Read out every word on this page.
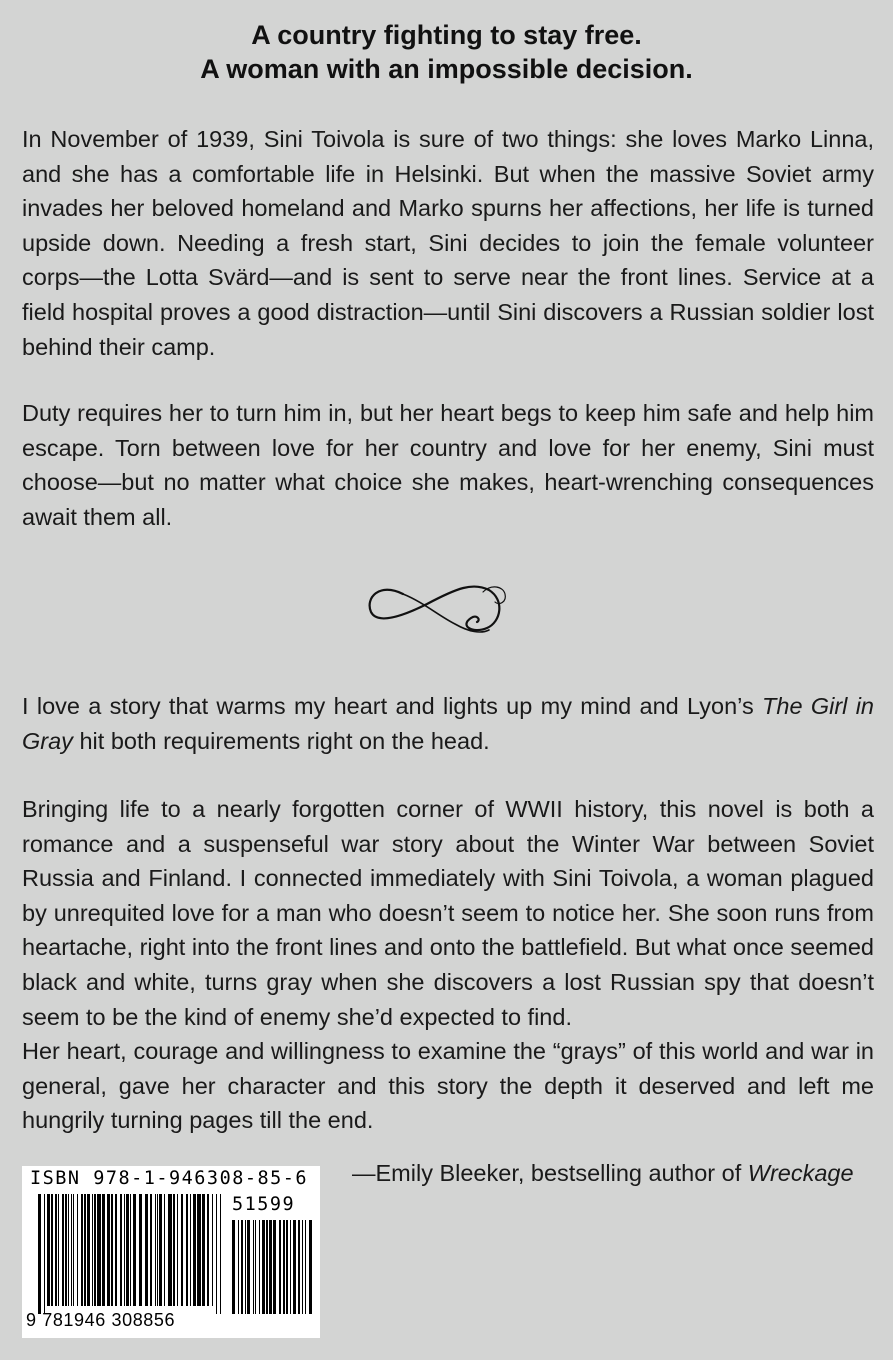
A country fighting to stay free.
A woman with an impossible decision.

In November of 1939, Sini Toivola is sure of two things: she loves Marko Linna, and she has a comfortable life in Helsinki. But when the massive Soviet army invades her beloved homeland and Marko spurns her affections, her life is turned upside down. Needing a fresh start, Sini decides to join the female volunteer corps—the Lotta Svärd—and is sent to serve near the front lines. Service at a field hospital proves a good distraction—until Sini discovers a Russian soldier lost behind their camp.

Duty requires her to turn him in, but her heart begs to keep him safe and help him escape. Torn between love for her country and love for her enemy, Sini must choose—but no matter what choice she makes, heart-wrenching consequences await them all.

I love a story that warms my heart and lights up my mind and Lyon’s The Girl in Gray hit both requirements right on the head.

Bringing life to a nearly forgotten corner of WWII history, this novel is both a romance and a suspenseful war story about the Winter War between Soviet Russia and Finland. I connected immediately with Sini Toivola, a woman plagued by unrequited love for a man who doesn’t seem to notice her. She soon runs from heartache, right into the front lines and onto the battlefield. But what once seemed black and white, turns gray when she discovers a lost Russian spy that doesn’t seem to be the kind of enemy she’d expected to find.

Her heart, courage and willingness to examine the “grays” of this world and war in general, gave her character and this story the depth it deserved and left me hungrily turning pages till the end.

—Emily Bleeker, bestselling author of Wreckage
ISBN 978-1-946308-85-6
51599
9 781946 308856
